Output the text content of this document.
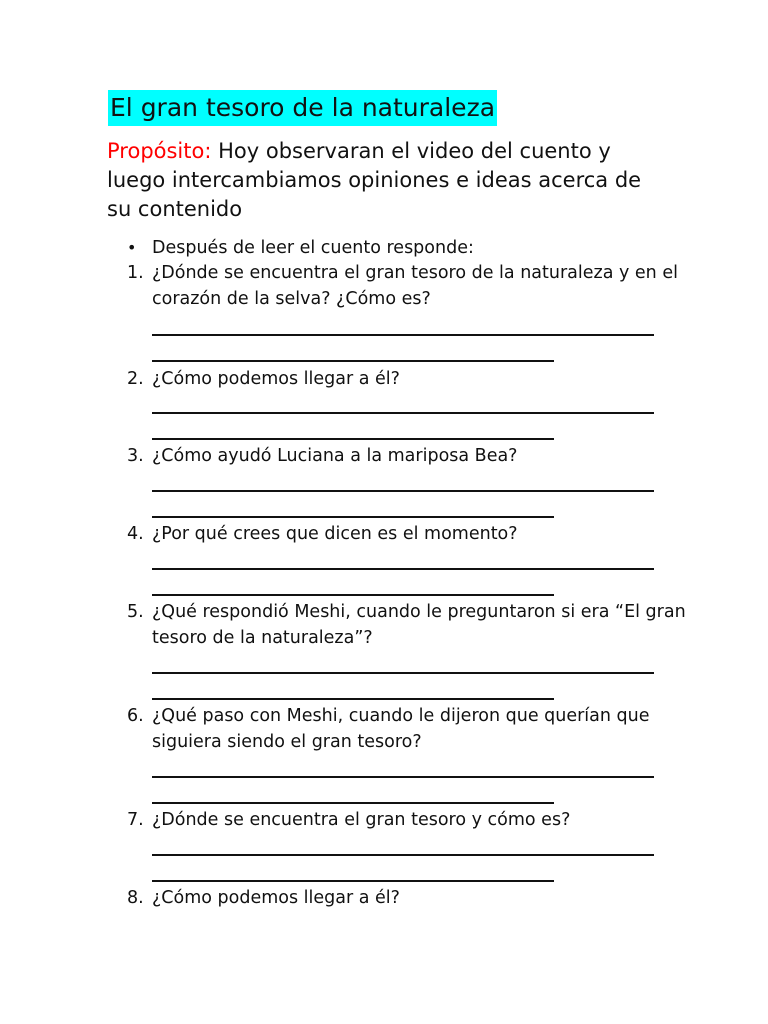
El gran tesoro de la naturaleza

Propósito: Hoy observaran el video del cuento y luego intercambiamos opiniones e ideas acerca de su contenido

• Después de leer el cuento responde:

1. ¿Dónde se encuentra el gran tesoro de la naturaleza y en el corazón de la selva? ¿Cómo es?
2. ¿Cómo podemos llegar a él?
3. ¿Cómo ayudó Luciana a la mariposa Bea?
4. ¿Por qué crees que dicen es el momento?
5. ¿Qué respondió Meshi, cuando le preguntaron si era “El gran tesoro de la naturaleza”?
6. ¿Qué paso con Meshi, cuando le dijeron que querían que siguiera siendo el gran tesoro?
7. ¿Dónde se encuentra el gran tesoro y cómo es?
8. ¿Cómo podemos llegar a él?
